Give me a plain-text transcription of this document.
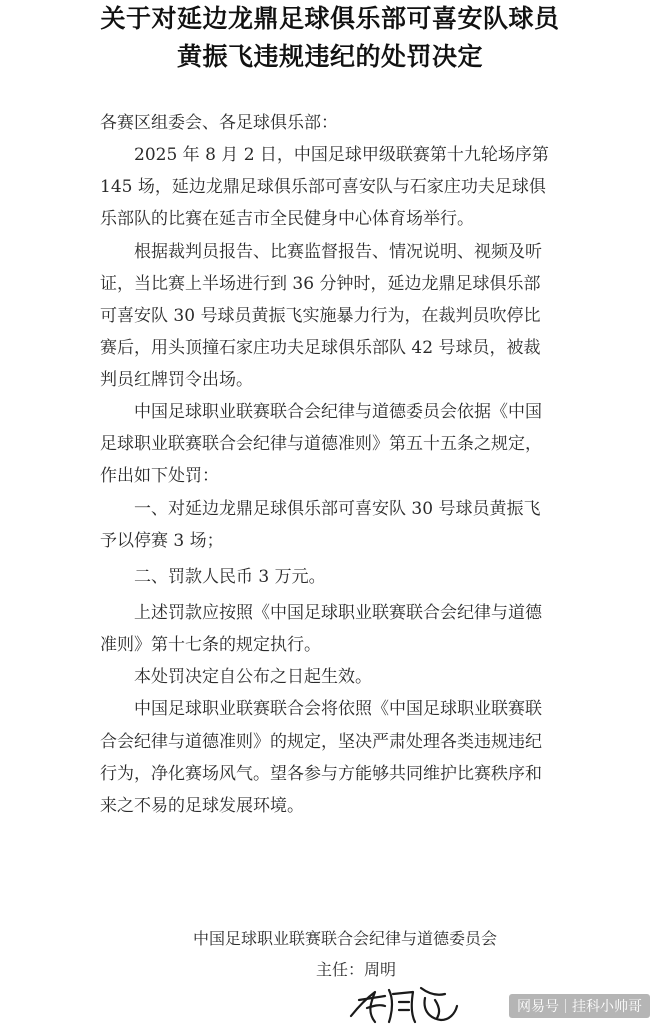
关于对延边龙鼎足球俱乐部可喜安队球员
黄振飞违规违纪的处罚决定
各赛区组委会、各足球俱乐部：
2025 年 8 月 2 日，中国足球甲级联赛第十九轮场序第
145 场，延边龙鼎足球俱乐部可喜安队与石家庄功夫足球俱
乐部队的比赛在延吉市全民健身中心体育场举行。
根据裁判员报告、比赛监督报告、情况说明、视频及听
证，当比赛上半场进行到 36 分钟时，延边龙鼎足球俱乐部
可喜安队 30 号球员黄振飞实施暴力行为，在裁判员吹停比
赛后，用头顶撞石家庄功夫足球俱乐部队 42 号球员，被裁
判员红牌罚令出场。
中国足球职业联赛联合会纪律与道德委员会依据《中国
足球职业联赛联合会纪律与道德准则》第五十五条之规定，
作出如下处罚：
一、对延边龙鼎足球俱乐部可喜安队 30 号球员黄振飞
予以停赛 3 场；
二、罚款人民币 3 万元。
上述罚款应按照《中国足球职业联赛联合会纪律与道德
准则》第十七条的规定执行。
本处罚决定自公布之日起生效。
中国足球职业联赛联合会将依照《中国足球职业联赛联
合会纪律与道德准则》的规定，坚决严肃处理各类违规违纪
行为，净化赛场风气。望各参与方能够共同维护比赛秩序和
来之不易的足球发展环境。
中国足球职业联赛联合会纪律与道德委员会
主任：周明
网易号 挂科小帅哥
